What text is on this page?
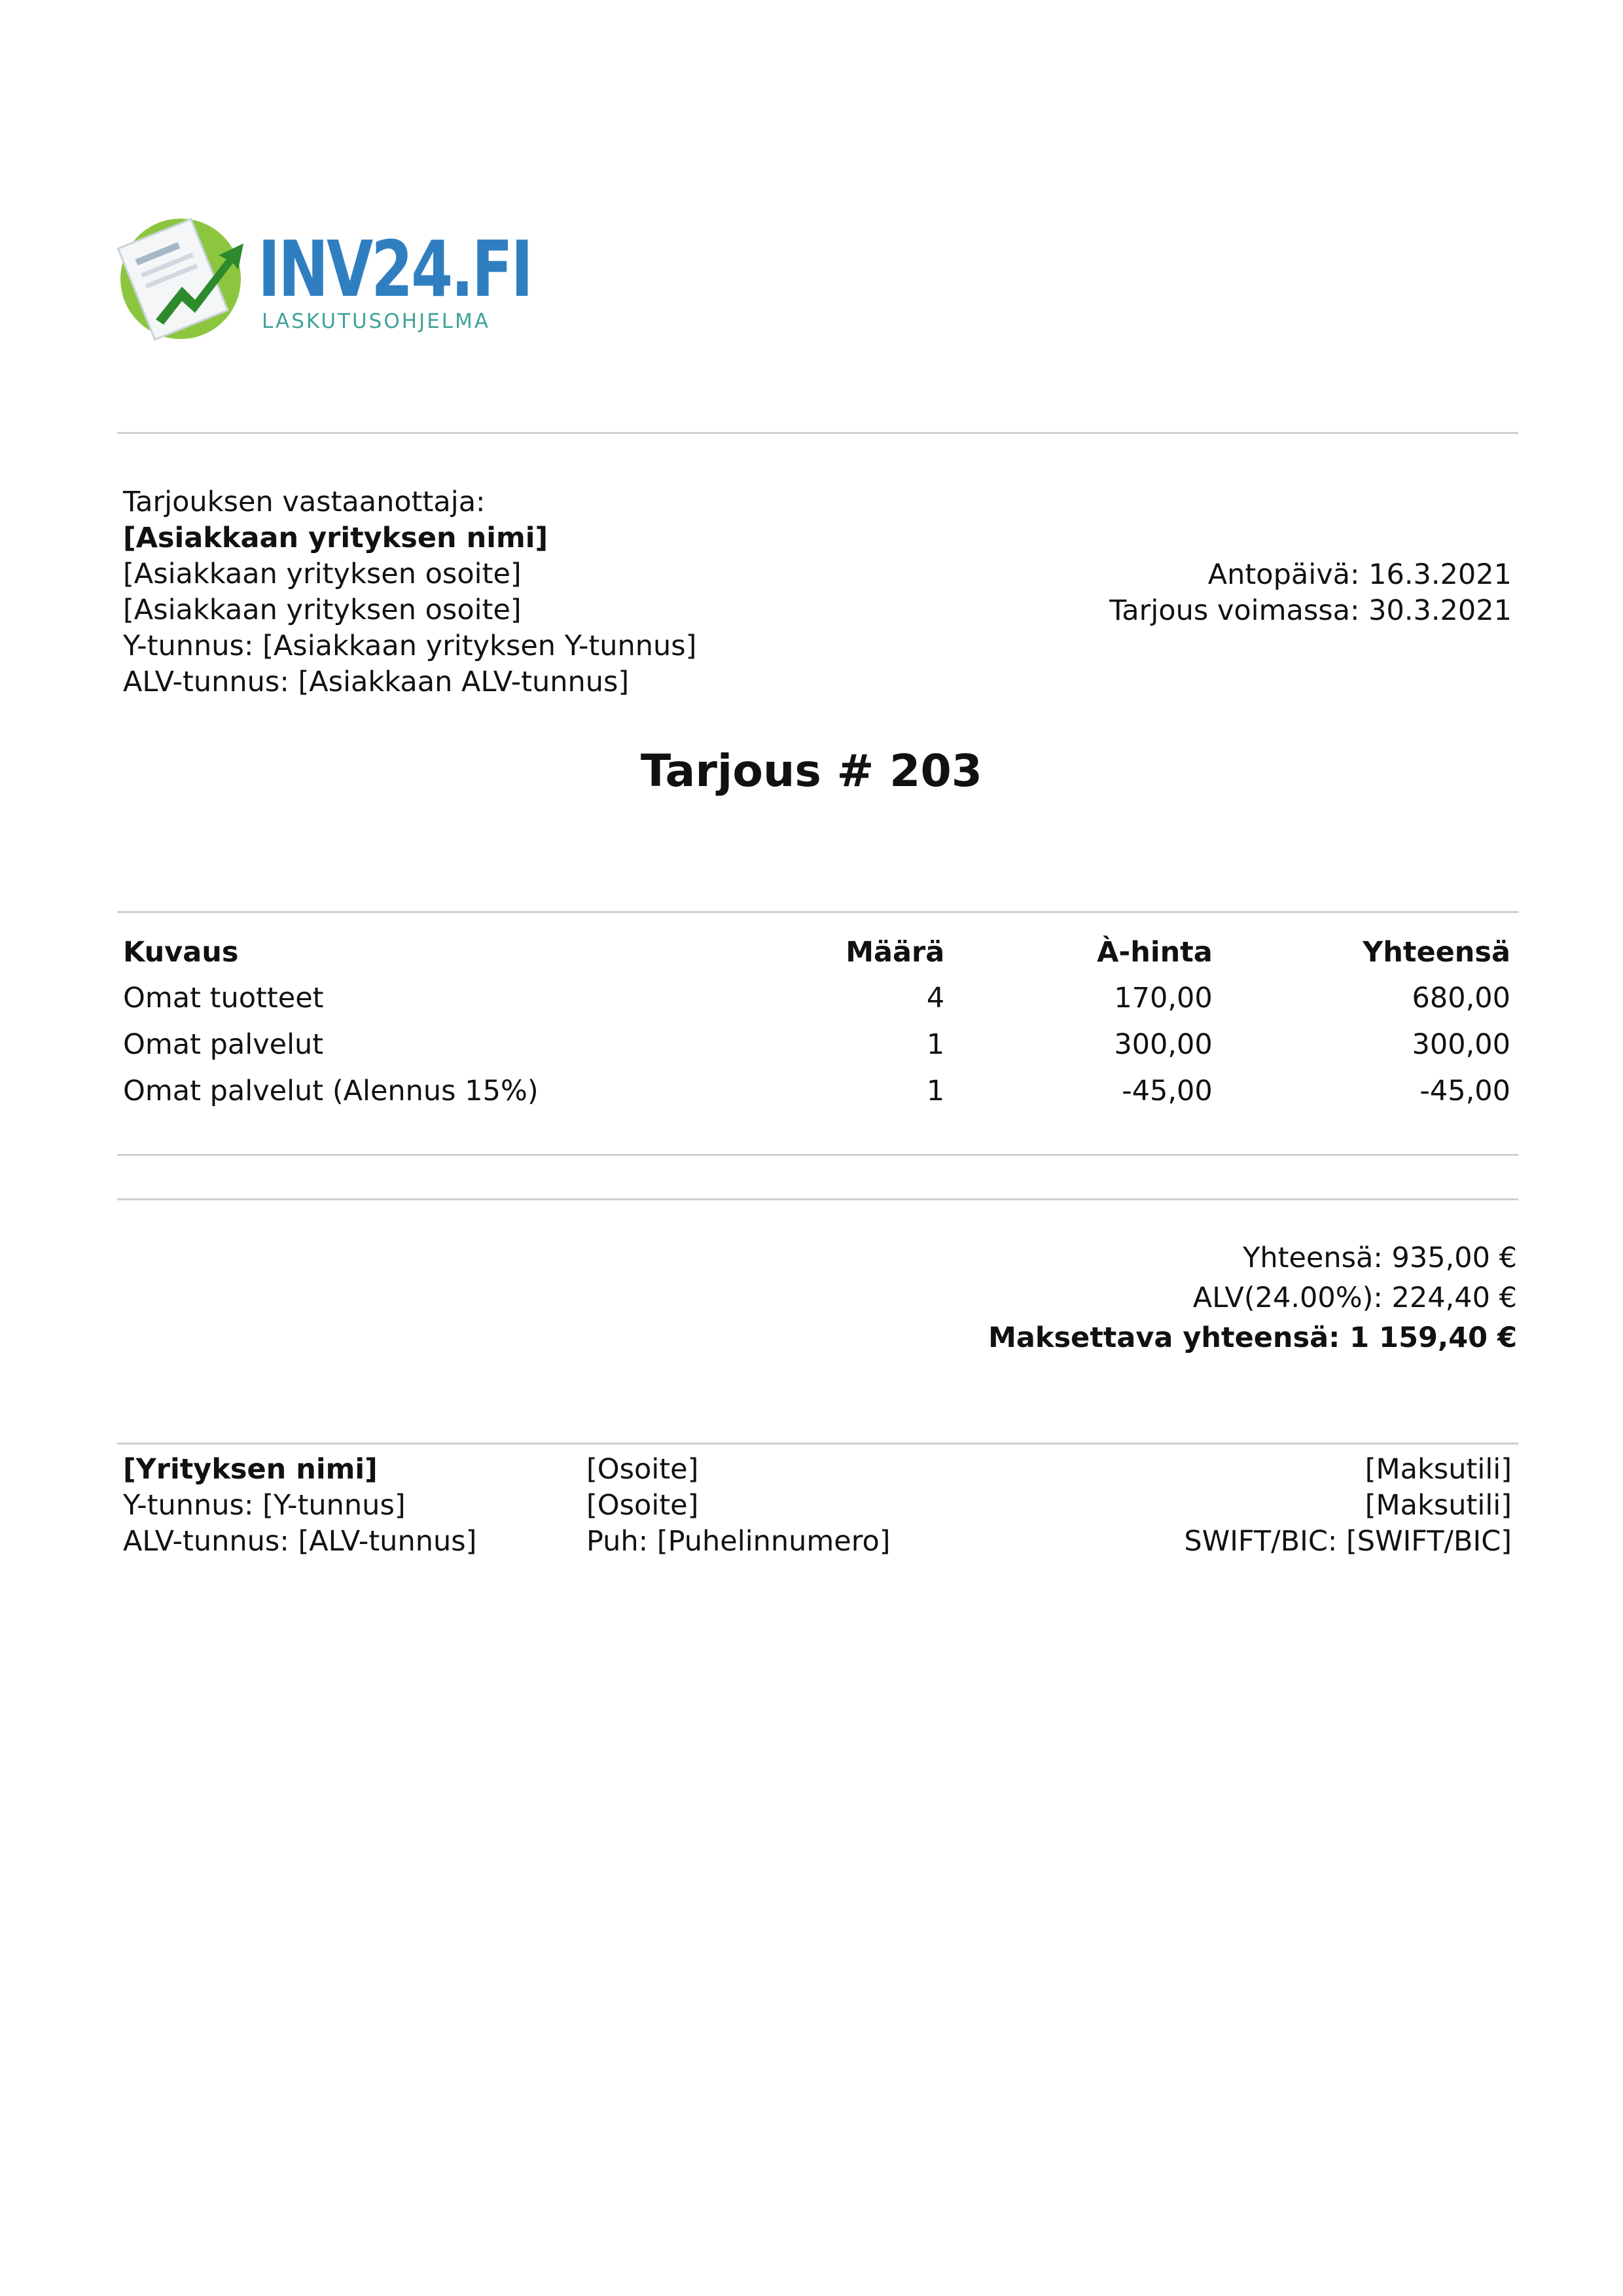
INV24.FI
LASKUTUSOHJELMA
Tarjouksen vastaanottaja:
[Asiakkaan yrityksen nimi]
[Asiakkaan yrityksen osoite]
[Asiakkaan yrityksen osoite]
Y-tunnus: [Asiakkaan yrityksen Y-tunnus]
ALV-tunnus: [Asiakkaan ALV-tunnus]
Antopäivä: 16.3.2021
Tarjous voimassa: 30.3.2021
Tarjous # 203
Kuvaus	Määrä	À-hinta	Yhteensä
Omat tuotteet	4	170,00	680,00
Omat palvelut	1	300,00	300,00
Omat palvelut (Alennus 15%)	1	-45,00	-45,00
Yhteensä: 935,00 €
ALV(24.00%): 224,40 €
Maksettava yhteensä: 1 159,40 €
[Yrityksen nimi]
Y-tunnus: [Y-tunnus]
ALV-tunnus: [ALV-tunnus]
[Osoite]
[Osoite]
Puh: [Puhelinnumero]
[Maksutili]
[Maksutili]
SWIFT/BIC: [SWIFT/BIC]
